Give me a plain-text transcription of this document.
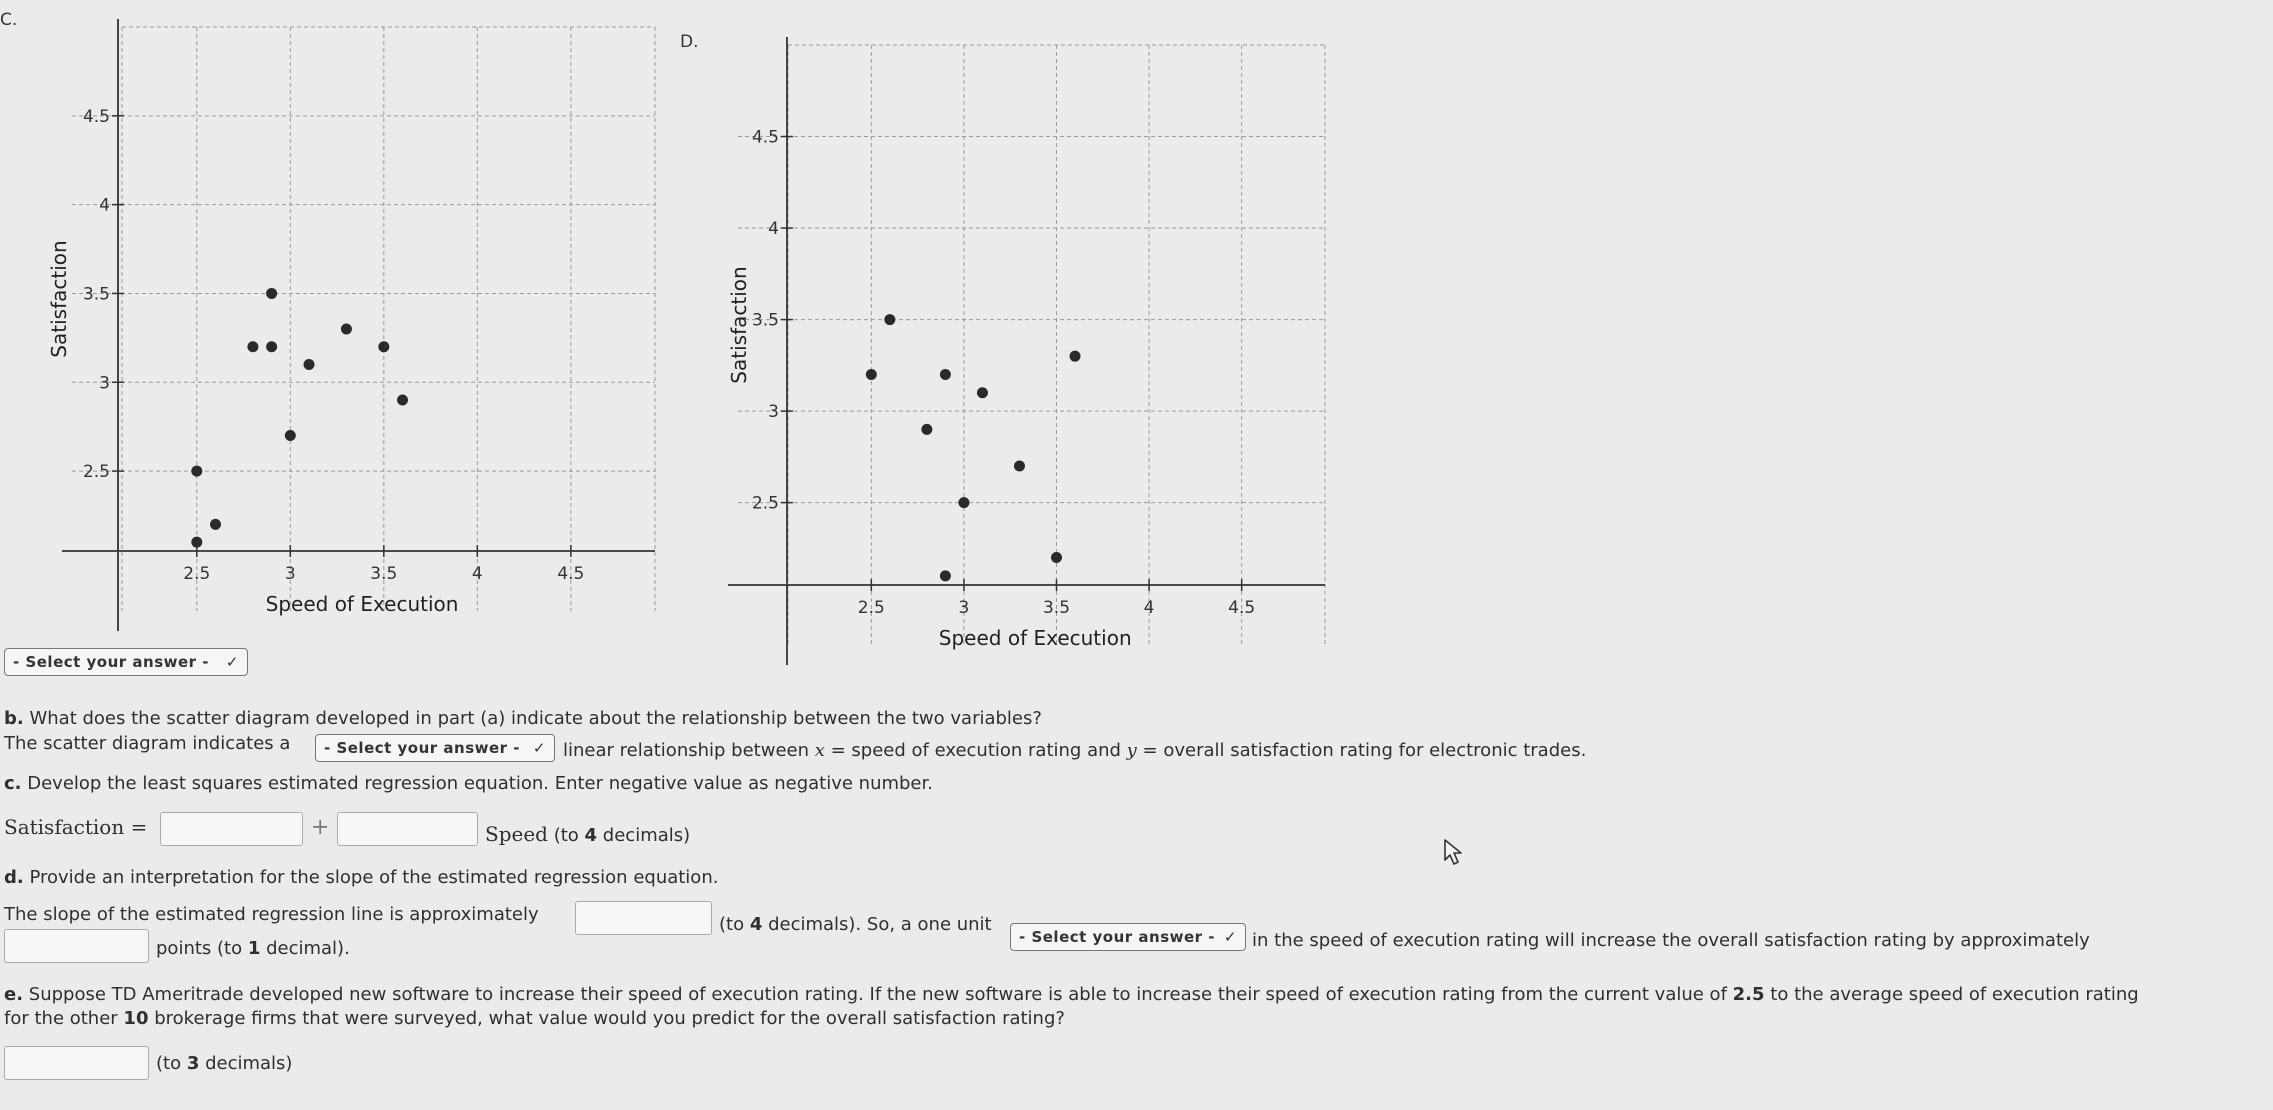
C.
D.
2.5	3	3.5	4	4.5
2.5
3
3.5
4
4.5
Speed of Execution
Satisfaction
2.5	3	3.5	4	4.5
2.5
3
3.5
4
4.5
Speed of Execution
Satisfaction
- Select your answer - ✓
b. What does the scatter diagram developed in part (a) indicate about the relationship between the two variables?
The scatter diagram indicates a - Select your answer - ✓ linear relationship between x = speed of execution rating and y = overall satisfaction rating for electronic trades.
c. Develop the least squares estimated regression equation. Enter negative value as negative number.
Satisfaction =	+	Speed (to 4 decimals)
d. Provide an interpretation for the slope of the estimated regression equation.
The slope of the estimated regression line is approximately	(to 4 decimals). So, a one unit
- Select your answer - ✓ in the speed of execution rating will increase the overall satisfaction rating by approximately
points (to 1 decimal).
e. Suppose TD Ameritrade developed new software to increase their speed of execution rating. If the new software is able to increase their speed of execution rating from the current value of 2.5 to the average speed of execution rating
for the other 10 brokerage firms that were surveyed, what value would you predict for the overall satisfaction rating?
(to 3 decimals)
